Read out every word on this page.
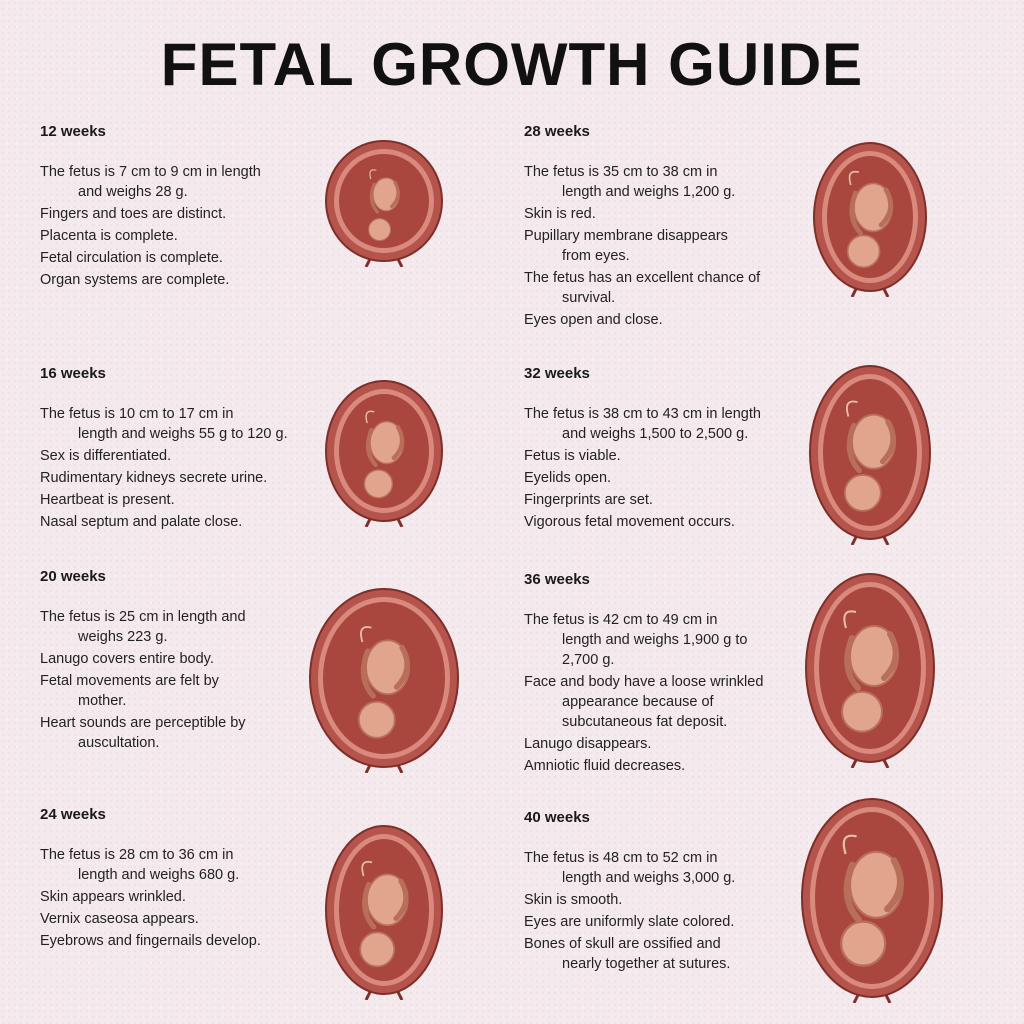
FETAL GROWTH GUIDE
12 weeks
The fetus is 7 cm to 9 cm in length
and weighs 28 g.
Fingers and toes are distinct.
Placenta is complete.
Fetal circulation is complete.
Organ systems are complete.
16 weeks
The fetus is 10 cm to 17 cm in
length and weighs 55 g to 120 g.
Sex is differentiated.
Rudimentary kidneys secrete urine.
Heartbeat is present.
Nasal septum and palate close.
20 weeks
The fetus is 25 cm in length and
weighs 223 g.
Lanugo covers entire body.
Fetal movements are felt by
mother.
Heart sounds are perceptible by
auscultation.
24 weeks
The fetus is 28 cm to 36 cm in
length and weighs 680 g.
Skin appears wrinkled.
Vernix caseosa appears.
Eyebrows and fingernails develop.
28 weeks
The fetus is 35 cm to 38 cm in
length and weighs 1,200 g.
Skin is red.
Pupillary membrane disappears
from eyes.
The fetus has an excellent chance of
survival.
Eyes open and close.
32 weeks
The fetus is 38 cm to 43 cm in length
and weighs 1,500 to 2,500 g.
Fetus is viable.
Eyelids open.
Fingerprints are set.
Vigorous fetal movement occurs.
36 weeks
The fetus is 42 cm to 49 cm in
length and weighs 1,900 g to
2,700 g.
Face and body have a loose wrinkled
appearance because of
subcutaneous fat deposit.
Lanugo disappears.
Amniotic fluid decreases.
40 weeks
The fetus is 48 cm to 52 cm in
length and weighs 3,000 g.
Skin is smooth.
Eyes are uniformly slate colored.
Bones of skull are ossified and
nearly together at sutures.
